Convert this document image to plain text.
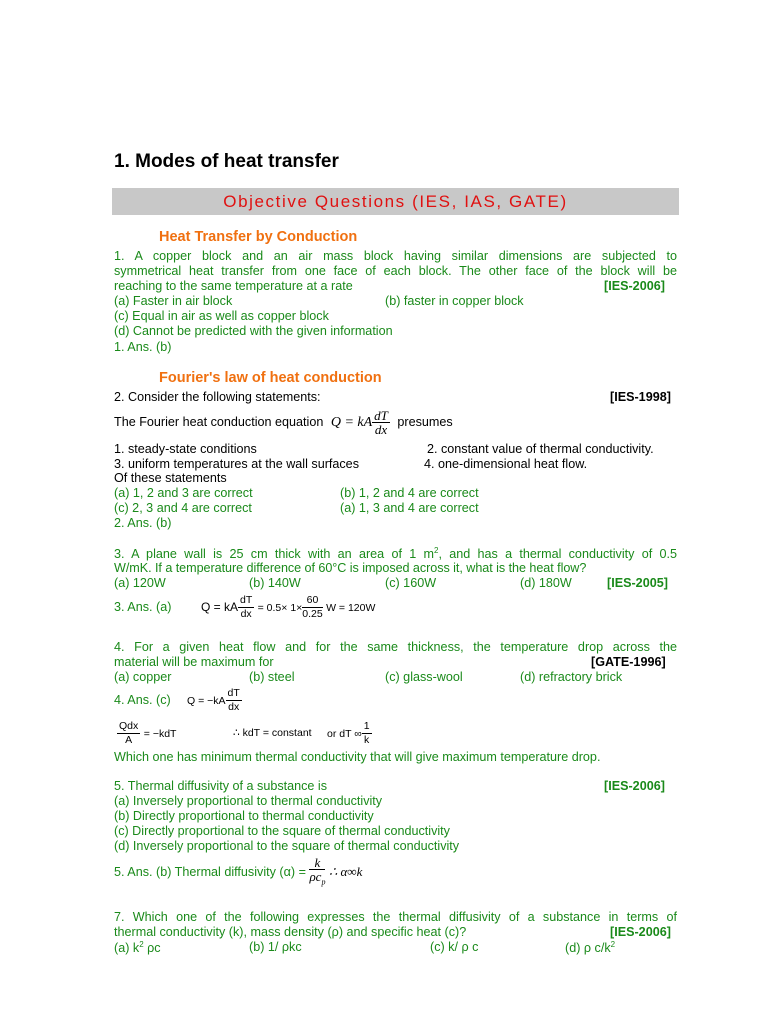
1. Modes of heat transfer
Objective Questions (IES, IAS, GATE)
Heat Transfer by Conduction
1. A copper block and an air mass block having similar dimensions are subjected to
symmetrical heat transfer from one face of each block. The other face of the block will be
reaching to the same temperature at a rate	[IES-2006]
(a) Faster in air block	(b) faster in copper block
(c) Equal in air as well as copper block
(d) Cannot be predicted with the given information
1. Ans. (b)
Fourier's law of heat conduction
2. Consider the following statements:	[IES-1998]
The Fourier heat conduction equation Q = kA $\frac{dT}{dx}$ presumes
1. steady-state conditions	2. constant value of thermal conductivity.
3. uniform temperatures at the wall surfaces	4. one-dimensional heat flow.
Of these statements
(a) 1, 2 and 3 are correct	(b) 1, 2 and 4 are correct
(c) 2, 3 and 4 are correct	(a) 1, 3 and 4 are correct
2. Ans. (b)
3. A plane wall is 25 cm thick with an area of 1 $m^2$, and has a thermal conductivity of 0.5
W/mK. If a temperature difference of 60°C is imposed across it, what is the heat flow?
(a) 120W	(b) 140W	(c) 160W	(d) 180W	[IES-2005]
3. Ans. (a) Q = kA $\frac{dT}{dx} = 0.5\times 1\times \frac{60}{0.25}$ W = 120W
4. For a given heat flow and for the same thickness, the temperature drop across the
material will be maximum for	[GATE-1996]
(a) copper	(b) steel	(c) glass-wool	(d) refractory brick
4. Ans. (c) $Q = -kA \frac{dT}{dx}$
$\frac{\text{Qdx}}{A} = -kdT$	∴ kdT = constant or dT ∞ $\frac{1}{k}$
Which one has minimum thermal conductivity that will give maximum temperature drop.
5. Thermal diffusivity of a substance is	[IES-2006]
(a) Inversely proportional to thermal conductivity
(b) Directly proportional to thermal conductivity
(c) Directly proportional to the square of thermal conductivity
(d) Inversely proportional to the square of thermal conductivity
5. Ans. (b) Thermal diffusivity $(\alpha) = \frac{k}{\rho c_p}$ ∴ α∞k
7. Which one of the following expresses the thermal diffusivity of a substance in terms of
thermal conductivity (k), mass density (ρ) and specific heat (c)?	[IES-2006]
(a) $k^2$ ρc	(b) 1/ ρkc	(c) k/ ρ c	(d) ρ $c/k^2$
